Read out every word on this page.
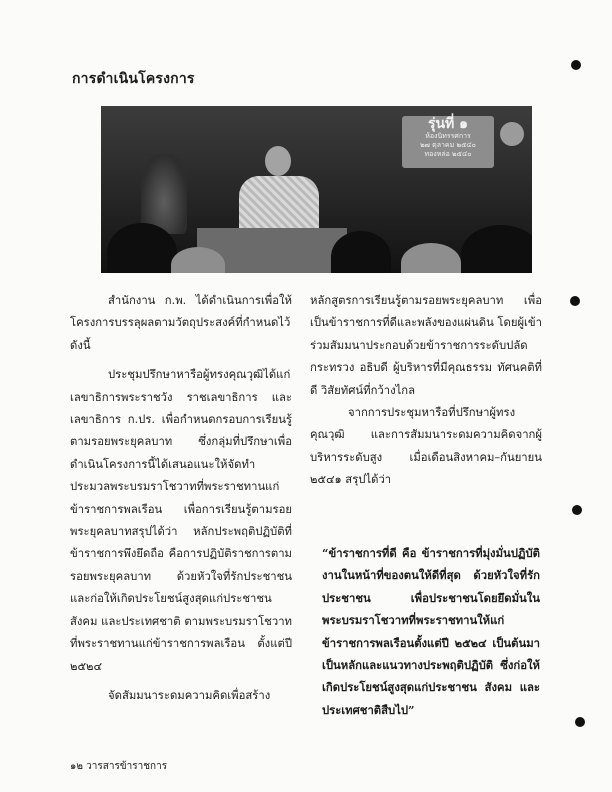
การดำเนินโครงการ
รุ่นที่ ๑
ห้องนิทรรศการ
๒๗ ตุลาคม ๒๕๔๐
ทองหล่อ ๒๕๔๐

สำนักงาน ก.พ. ได้ดำเนินการเพื่อให้โครงการบรรลุผลตามวัตถุประสงค์ที่กำหนดไว้ดังนี้

ประชุมปรึกษาหารือผู้ทรงคุณวุฒิได้แก่ เลขาธิการพระราชวัง ราชเลขาธิการ และเลขาธิการ ก.ปร. เพื่อกำหนดกรอบการเรียนรู้ตามรอยพระยุคลบาท ซึ่งกลุ่มที่ปรึกษาเพื่อดำเนินโครงการนี้ได้เสนอแนะให้จัดทำประมวลพระบรมราโชวาทที่พระราชทานแก่ข้าราชการพลเรือน เพื่อการเรียนรู้ตามรอยพระยุคลบาทสรุปได้ว่า หลักประพฤติปฏิบัติที่ข้าราชการพึงยึดถือ คือการปฏิบัติราชการตามรอยพระยุคลบาท ด้วยหัวใจที่รักประชาชน และก่อให้เกิดประโยชน์สูงสุดแก่ประชาชน สังคม และประเทศชาติ ตามพระบรมราโชวาทที่พระราชทานแก่ข้าราชการพลเรือน ตั้งแต่ปี ๒๕๒๔

จัดสัมมนาระดมความคิดเพื่อสร้าง

หลักสูตรการเรียนรู้ตามรอยพระยุคลบาท เพื่อเป็นข้าราชการที่ดีและพลังของแผ่นดิน โดยผู้เข้าร่วมสัมมนาประกอบด้วยข้าราชการระดับปลัดกระทรวง อธิบดี ผู้บริหารที่มีคุณธรรม ทัศนคติที่ดี วิสัยทัศน์ที่กว้างไกล

จากการประชุมหารือที่ปรึกษาผู้ทรงคุณวุฒิ และการสัมมนาระดมความคิดจากผู้บริหารระดับสูง เมื่อเดือนสิงหาคม–กันยายน ๒๕๔๑ สรุปได้ว่า

“ข้าราชการที่ดี คือ ข้าราชการที่มุ่งมั่นปฏิบัติงานในหน้าที่ของตนให้ดีที่สุด ด้วยหัวใจที่รักประชาชน เพื่อประชาชนโดยยึดมั่นในพระบรมราโชวาทที่พระราชทานให้แก่ข้าราชการพลเรือนตั้งแต่ปี ๒๕๒๔ เป็นต้นมาเป็นหลักและแนวทางประพฤติปฏิบัติ ซึ่งก่อให้เกิดประโยชน์สูงสุดแก่ประชาชน สังคม และประเทศชาติสืบไป”
๑๒ วารสารข้าราชการ
